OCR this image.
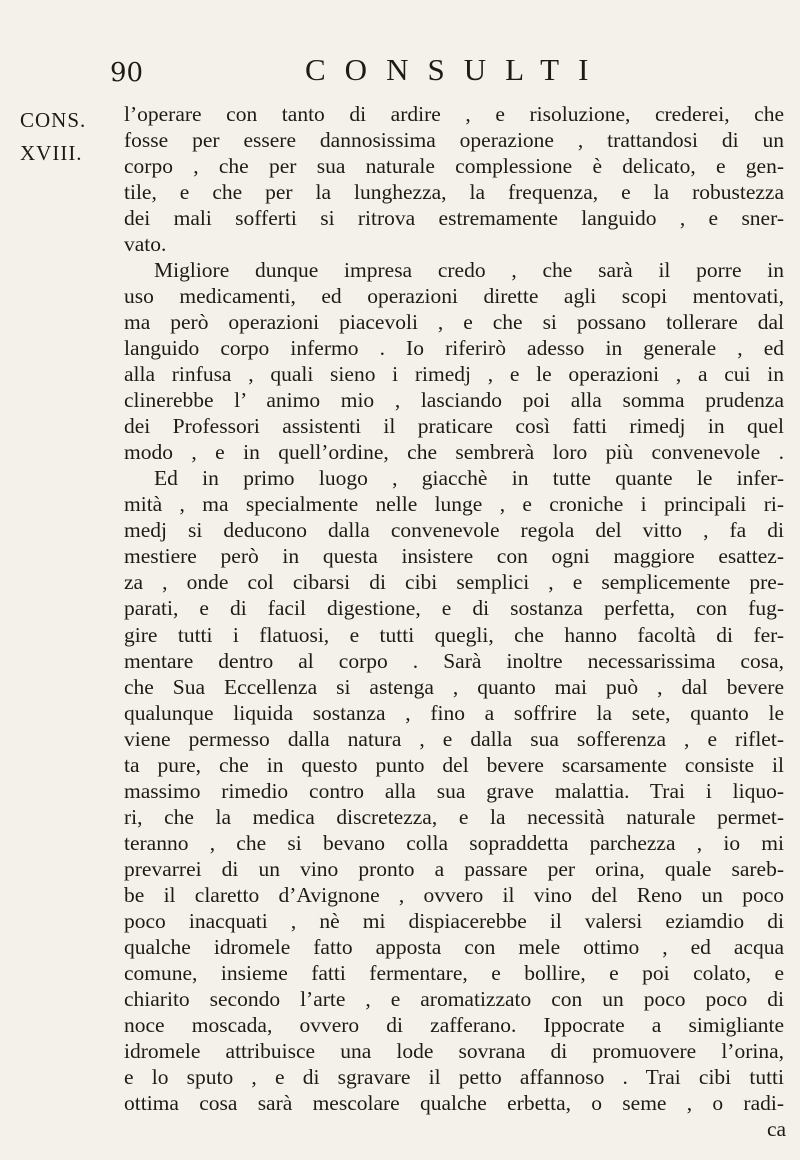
90	CONSULTI
CONS.
XVIII.
l’operare con tanto di ardire , e risoluzione, crederei, che
fosse per essere dannosissima operazione , trattandosi di un
corpo , che per sua naturale complessione è delicato, e gen-
tile, e che per la lunghezza, la frequenza, e la robustezza
dei mali sofferti si ritrova estremamente languido , e sner-
vato.
Migliore dunque impresa credo , che sarà il porre in
uso medicamenti, ed operazioni dirette agli scopi mentovati,
ma però operazioni piacevoli , e che si possano tollerare dal
languido corpo infermo . Io riferirò adesso in generale , ed
alla rinfusa , quali sieno i rimedj , e le operazioni , a cui in
clinerebbe l’ animo mio , lasciando poi alla somma prudenza
dei Professori assistenti il praticare così fatti rimedj in quel
modo , e in quell’ordine, che sembrerà loro più convenevole .
Ed in primo luogo , giacchè in tutte quante le infer-
mità , ma specialmente nelle lunge , e croniche i principali ri-
medj si deducono dalla convenevole regola del vitto , fa di
mestiere però in questa insistere con ogni maggiore esattez-
za , onde col cibarsi di cibi semplici , e semplicemente pre-
parati, e di facil digestione, e di sostanza perfetta, con fug-
gire tutti i flatuosi, e tutti quegli, che hanno facoltà di fer-
mentare dentro al corpo . Sarà inoltre necessarissima cosa,
che Sua Eccellenza si astenga , quanto mai può , dal bevere
qualunque liquida sostanza , fino a soffrire la sete, quanto le
viene permesso dalla natura , e dalla sua sofferenza , e riflet-
ta pure, che in questo punto del bevere scarsamente consiste il
massimo rimedio contro alla sua grave malattia. Trai i liquo-
ri, che la medica discretezza, e la necessità naturale permet-
teranno , che si bevano colla sopraddetta parchezza , io mi
prevarrei di un vino pronto a passare per orina, quale sareb-
be il claretto d’Avignone , ovvero il vino del Reno un poco
poco inacquati , nè mi dispiacerebbe il valersi eziamdio di
qualche idromele fatto apposta con mele ottimo , ed acqua
comune, insieme fatti fermentare, e bollire, e poi colato, e
chiarito secondo l’arte , e aromatizzato con un poco poco di
noce moscada, ovvero di zafferano. Ippocrate a simigliante
idromele attribuisce una lode sovrana di promuovere l’orina,
e lo sputo , e di sgravare il petto affannoso . Trai cibi tutti
ottima cosa sarà mescolare qualche erbetta, o seme , o radi-
ca
